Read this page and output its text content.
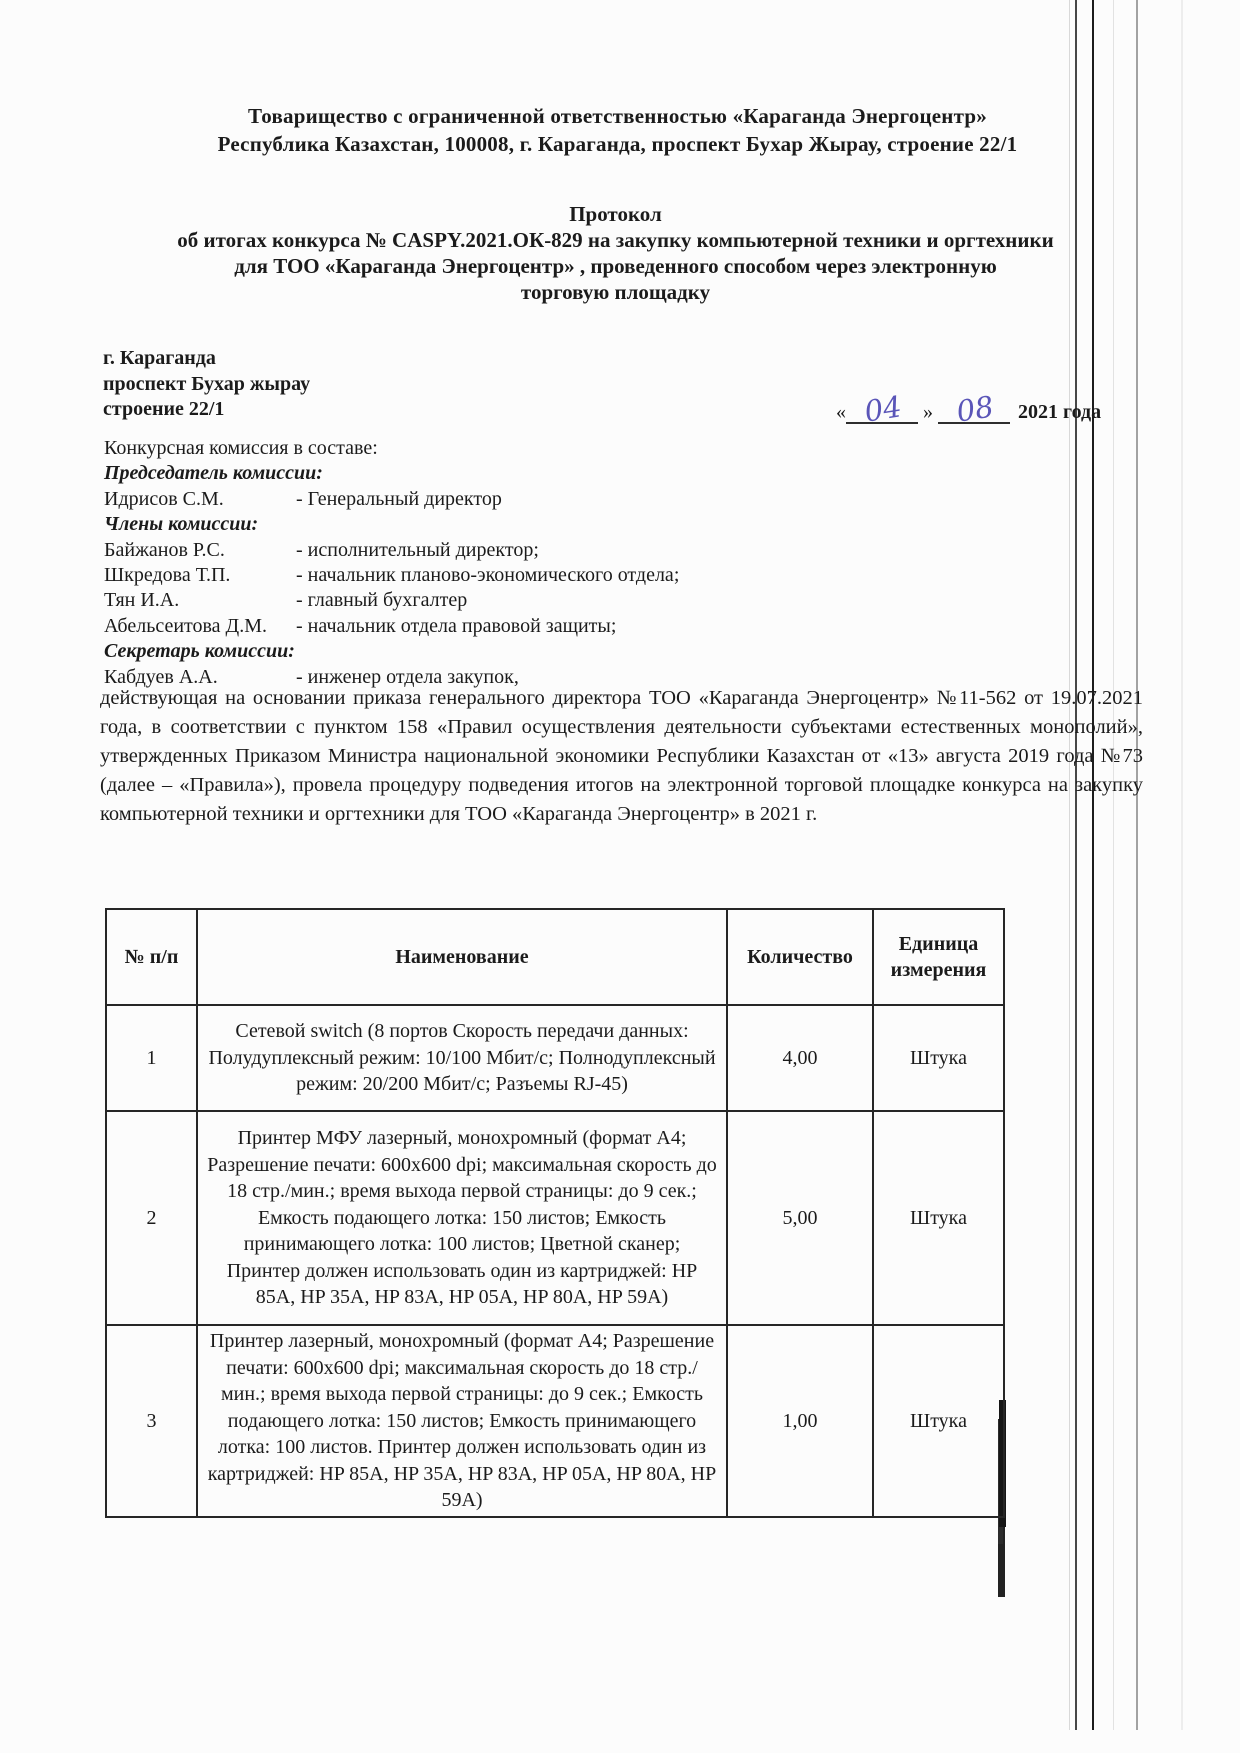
Товарищество с ограниченной ответственностью «Караганда Энергоцентр»
Республика Казахстан, 100008, г. Караганда, проспект Бухар Жырау, строение 22/1
Протокол
об итогах конкурса № CASPY.2021.ОК-829 на закупку компьютерной техники и оргтехники
для ТОО «Караганда Энергоцентр» , проведенного способом через электронную
торговую площадку
г. Караганда
проспект Бухар жырау
строение 22/1	« 04 » 08 2021 года
Конкурсная комиссия в составе:
Председатель комиссии:
Идрисов С.М.	- Генеральный директор
Члены комиссии:
Байжанов Р.С.	- исполнительный директор;
Шкредова Т.П.	- начальник планово-экономического отдела;
Тян И.А.	- главный бухгалтер
Абельсеитова Д.М. - начальник отдела правовой защиты;
Секретарь комиссии:
Кабдуев А.А.	- инженер отдела закупок,
действующая на основании приказа генерального директора ТОО «Караганда Энергоцентр» №11-562 от 19.07.2021 года, в соответствии с пунктом 158 «Правил осуществления деятельности субъектами естественных монополий», утвержденных Приказом Министра национальной экономики Республики Казахстан от «13» августа 2019 года №73 (далее – «Правила»), провела процедуру подведения итогов на электронной торговой площадке конкурса на закупку компьютерной техники и оргтехники для ТОО «Караганда Энергоцентр» в 2021 г.
№ п/п	Наименование	Количество	Единица измерения
1	Сетевой switch (8 портов Скорость передачи данных: Полудуплексный режим: 10/100 Мбит/с; Полнодуплексный режим: 20/200 Мбит/с; Разъемы RJ-45)	4,00	Штука
2	Принтер МФУ лазерный, монохромный (формат А4; Разрешение печати: 600х600 dpi; максимальная скорость до 18 стр./мин.; время выхода первой страницы: до 9 сек.; Емкость подающего лотка: 150 листов; Емкость принимающего лотка: 100 листов; Цветной сканер; Принтер должен использовать один из картриджей: HP 85A, HP 35A, HP 83A, HP 05A, HP 80A, HP 59A)	5,00	Штука
3	Принтер лазерный, монохромный (формат А4; Разрешение печати: 600х600 dpi; максимальная скорость до 18 стр./мин.; время выхода первой страницы: до 9 сек.; Емкость подающего лотка: 150 листов; Емкость принимающего лотка: 100 листов. Принтер должен использовать один из картриджей: HP 85A, HP 35A, HP 83A, HP 05A, HP 80A, HP 59A)	1,00	Штука
